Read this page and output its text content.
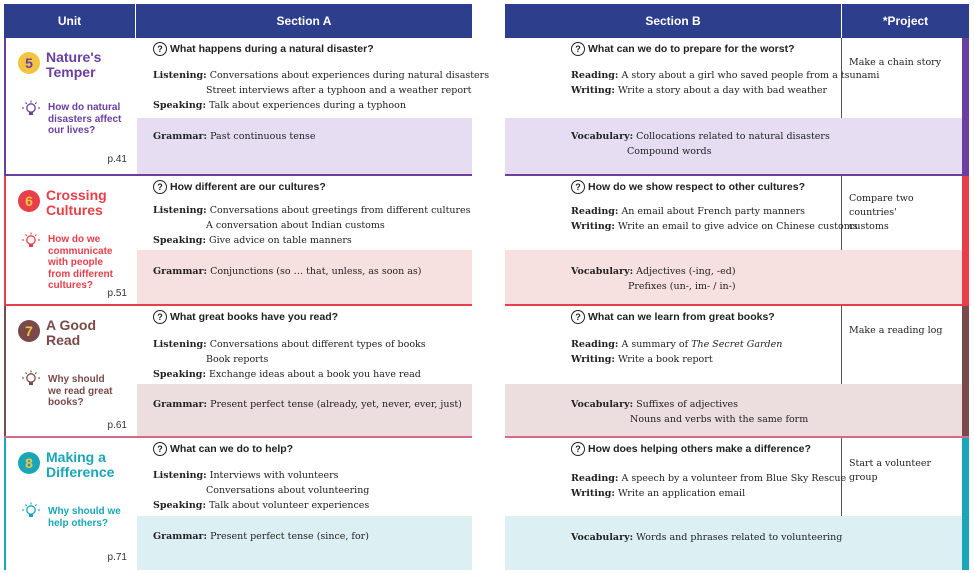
Unit	Section A
5 Nature's
Temper
How do natural
disasters affect
our lives?
p.41
? What happens during a natural disaster?
Listening: Conversations about experiences during natural disasters
Street interviews after a typhoon and a weather report
Speaking: Talk about experiences during a typhoon
Grammar: Past continuous tense
6 Crossing
Cultures
How do we
communicate
with people
from different
cultures?
p.51
? How different are our cultures?
Listening: Conversations about greetings from different cultures
A conversation about Indian customs
Speaking: Give advice on table manners
Grammar: Conjunctions (so … that, unless, as soon as)
7 A Good
Read
Why should
we read great
books?
p.61
? What great books have you read?
Listening: Conversations about different types of books
Book reports
Speaking: Exchange ideas about a book you have read
Grammar: Present perfect tense (already, yet, never, ever, just)
8 Making a
Difference
Why should we
help others?
p.71
? What can we do to help?
Listening: Interviews with volunteers
Conversations about volunteering
Speaking: Talk about volunteer experiences
Grammar: Present perfect tense (since, for)
Section B	*Project
? What can we do to prepare for the worst?
Reading: A story about a girl who saved people from a tsunami
Writing: Write a story about a day with bad weather
Vocabulary: Collocations related to natural disasters
Compound words
Make a chain story
? How do we show respect to other cultures?
Reading: An email about French party manners
Writing: Write an email to give advice on Chinese customs
Vocabulary: Adjectives (-ing, -ed)
Prefixes (un-, im- / in-)
Compare two countries'
customs
? What can we learn from great books?
Reading: A summary of The Secret Garden
Writing: Write a book report
Vocabulary: Suffixes of adjectives
Nouns and verbs with the same form
Make a reading log
? How does helping others make a difference?
Reading: A speech by a volunteer from Blue Sky Rescue
Writing: Write an application email
Vocabulary: Words and phrases related to volunteering
Start a volunteer group
